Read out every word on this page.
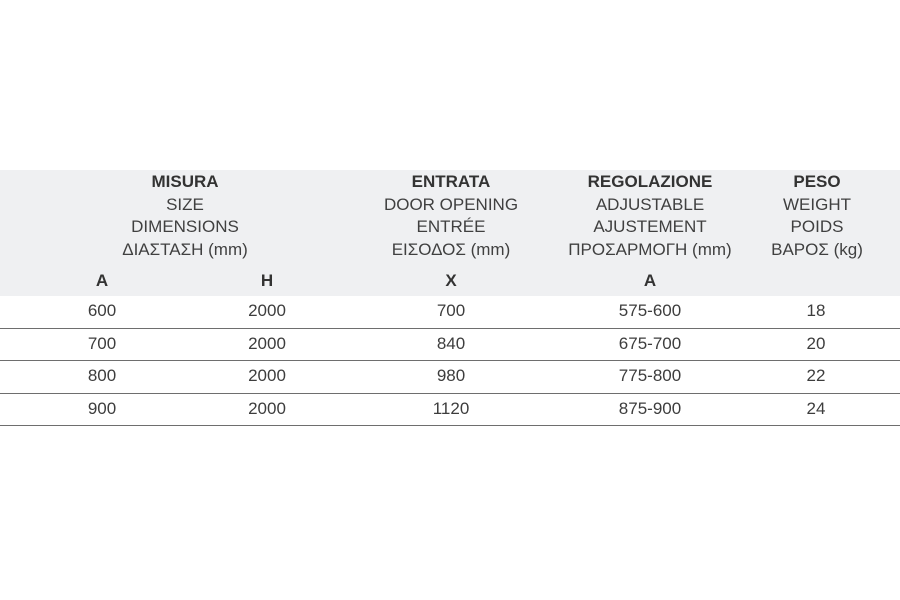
MISURA
SIZE
DIMENSIONS
ΔΙΑΣΤΑΣΗ (mm)
ENTRATA
DOOR OPENING
ENTRÉE
ΕΙΣΟΔΟΣ (mm)
REGOLAZIONE
ADJUSTABLE
AJUSTEMENT
ΠΡΟΣΑΡΜΟΓΗ (mm)
PESO
WEIGHT
POIDS
ΒΑΡΟΣ (kg)
A	H	X	A
600	2000	700	575-600	18
700	2000	840	675-700	20
800	2000	980	775-800	22
900	2000	1120	875-900	24
